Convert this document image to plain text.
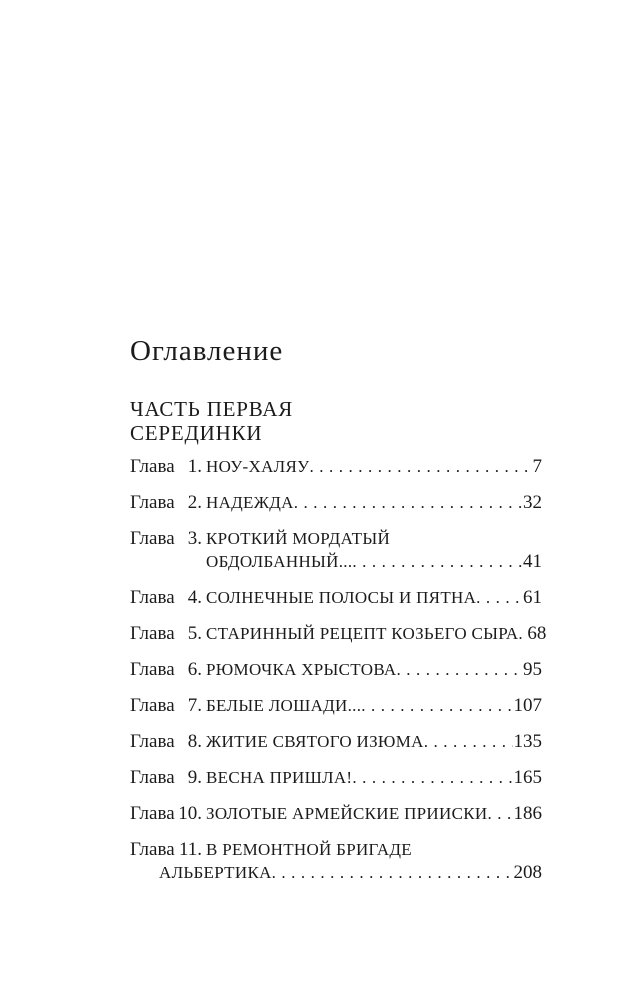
Оглавление
ЧАСТЬ ПЕРВАЯ
СЕРЕДИНКИ
Глава 1. НОУ-ХАЛЯУ .....	7
Глава 2. НАДЕЖДА .....	32
Глава 3. КРОТКИЙ МОРДАТЫЙ
ОБДОЛБАННЫЙ... .....	41
Глава 4. СОЛНЕЧНЫЕ ПОЛОСЫ И ПЯТНА ..... 61
Глава 5. СТАРИННЫЙ РЕЦЕПТ КОЗЬЕГО СЫРА ..... 68
Глава 6. РЮМОЧКА ХРЫСТОВА .....	95
Глава 7. БЕЛЫЕ ЛОШАДИ... .....	107
Глава 8. ЖИТИЕ СВЯТОГО ИЗЮМА .....	135
Глава 9. ВЕСНА ПРИШЛА! .....	165
Глава 10. ЗОЛОТЫЕ АРМЕЙСКИЕ ПРИИСКИ ..... 186
Глава 11. В РЕМОНТНОЙ БРИГАДЕ
АЛЬБЕРТИКА .....	208
